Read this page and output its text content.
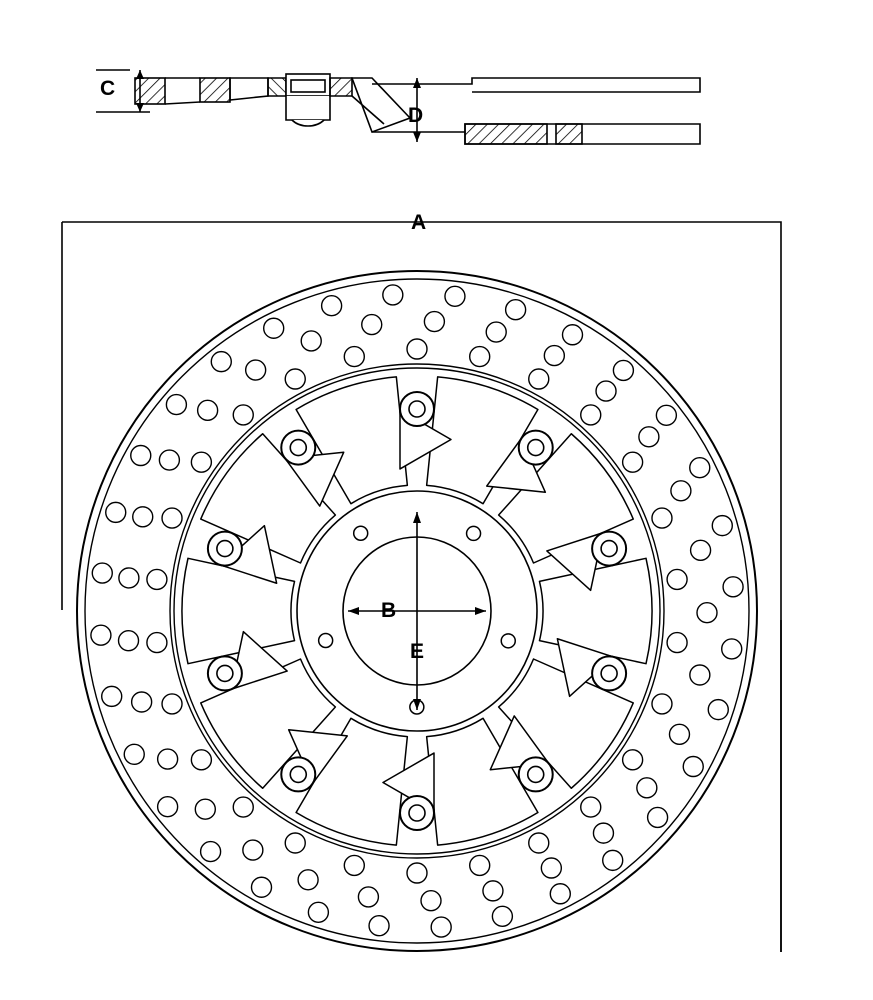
A
B
C
D
E
